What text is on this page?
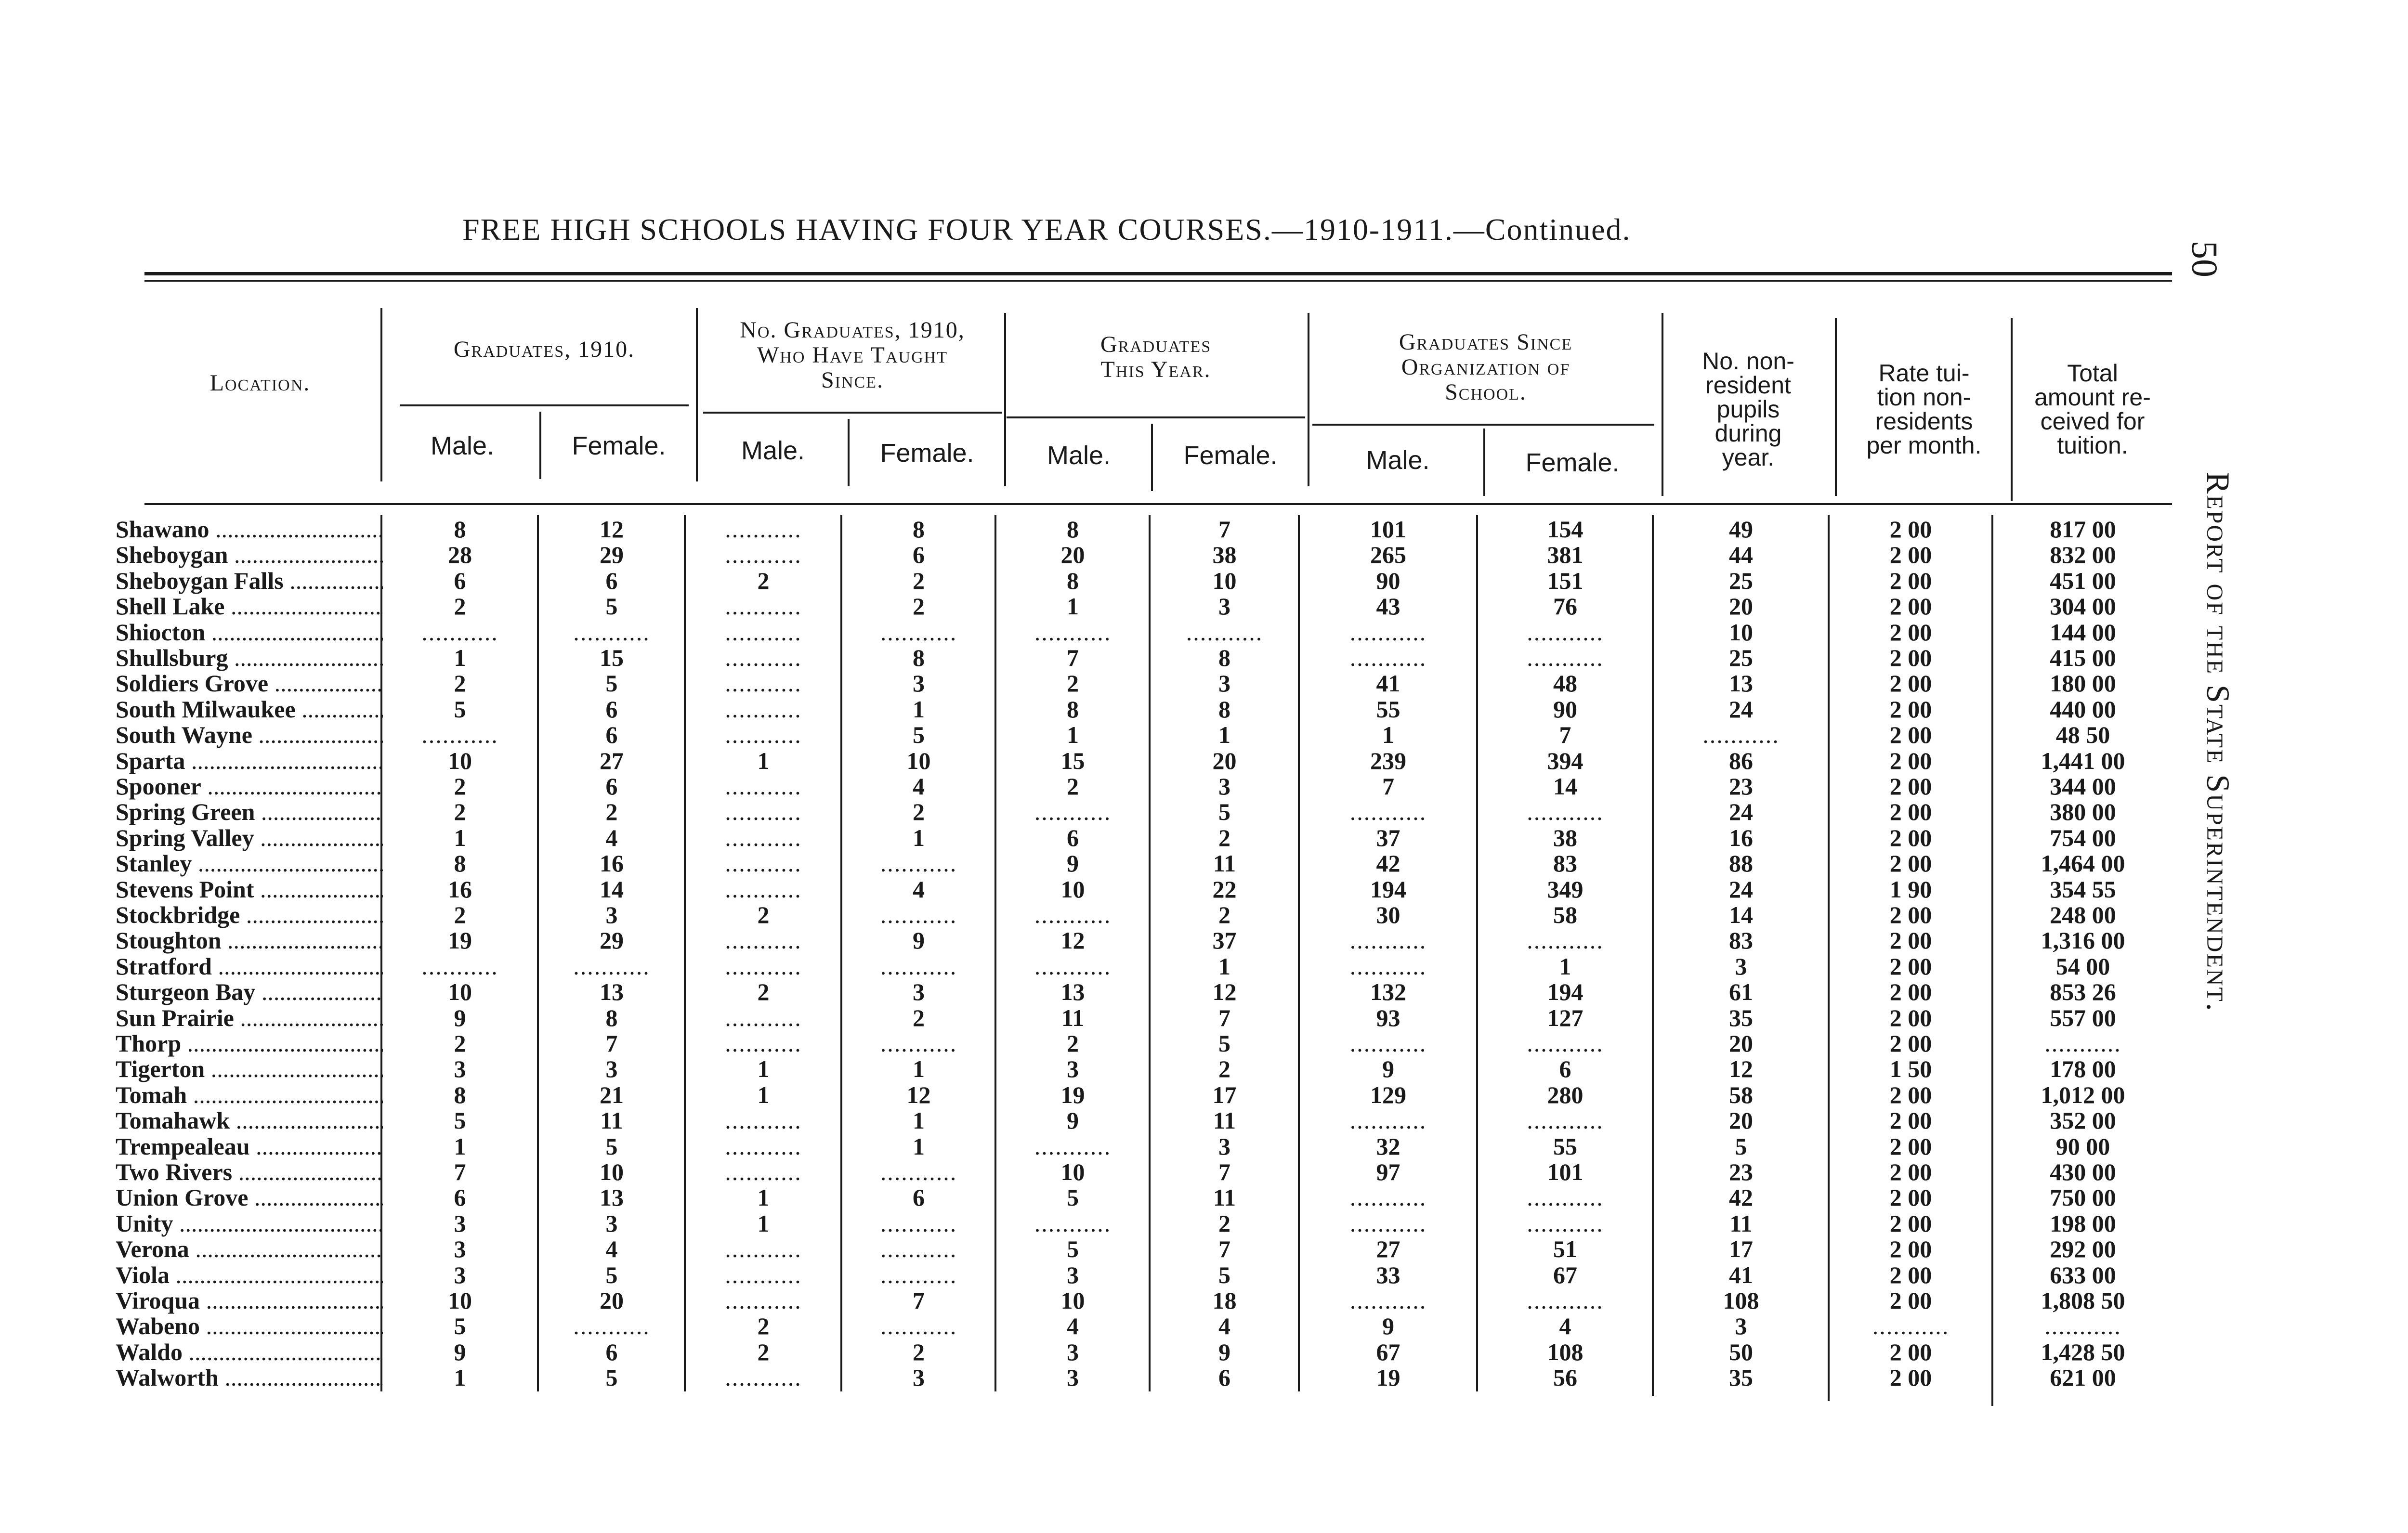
FREE HIGH SCHOOLS HAVING FOUR YEAR COURSES.—1910-1911.—Continued.
50
Report of the State Superintendent.
Location.
Graduates, 1910.
No. Graduates, 1910,
Who Have Taught
Since.
Graduates
This Year.
Graduates Since
Organization of
School.
No. non-
resident
pupils
during
year.
Rate tui-
tion non-
residents
per month.
Total
amount re-
ceived for
tuition.
Male.	Female.	Male.	Female.	Male.	Female.	Male.	Female.
Shawano .....	8	12	...........	8	8	7	101	154	49	2 00	817 00
Sheboygan .....	28	29	...........	6	20	38	265	381	44	2 00	832 00
Sheboygan Falls .....	6	6	2	2	8	10	90	151	25	2 00	451 00
Shell Lake .....	2	5	...........	2	1	3	43	76	20	2 00	304 00
Shiocton .....	...........	...........	...........	...........	...........	...........	...........	...........	10	2 00	144 00
Shullsburg .....	1	15	...........	8	7	8	...........	...........	25	2 00	415 00
Soldiers Grove .....	2	5	...........	3	2	3	41	48	13	2 00	180 00
South Milwaukee .....	5	6	...........	1	8	8	55	90	24	2 00	440 00
South Wayne .....	...........	6	...........	5	1	1	1	7	...........	2 00	48 50
Sparta .....	10	27	1	10	15	20	239	394	86	2 00	1,441 00
Spooner .....	2	6	...........	4	2	3	7	14	23	2 00	344 00
Spring Green .....	2	2	...........	2	...........	5	...........	...........	24	2 00	380 00
Spring Valley .....	1	4	...........	1	6	2	37	38	16	2 00	754 00
Stanley .....	8	16	...........	...........	9	11	42	83	88	2 00	1,464 00
Stevens Point .....	16	14	...........	4	10	22	194	349	24	1 90	354 55
Stockbridge .....	2	3	2	...........	...........	2	30	58	14	2 00	248 00
Stoughton .....	19	29	...........	9	12	37	...........	...........	83	2 00	1,316 00
Stratford .....	...........	...........	...........	...........	...........	1	...........	1	3	2 00	54 00
Sturgeon Bay .....	10	13	2	3	13	12	132	194	61	2 00	853 26
Sun Prairie .....	9	8	...........	2	11	7	93	127	35	2 00	557 00
Thorp .....	2	7	...........	...........	2	5	...........	...........	20	2 00	...........
Tigerton .....	3	3	1	1	3	2	9	6	12	1 50	178 00
Tomah .....	8	21	1	12	19	17	129	280	58	2 00	1,012 00
Tomahawk .....	5	11	...........	1	9	11	...........	...........	20	2 00	352 00
Trempealeau .....	1	5	...........	1	...........	3	32	55	5	2 00	90 00
Two Rivers .....	7	10	...........	...........	10	7	97	101	23	2 00	430 00
Union Grove .....	6	13	1	6	5	11	...........	...........	42	2 00	750 00
Unity .....	3	3	1	...........	...........	2	...........	...........	11	2 00	198 00
Verona .....	3	4	...........	...........	5	7	27	51	17	2 00	292 00
Viola .....	3	5	...........	...........	3	5	33	67	41	2 00	633 00
Viroqua .....	10	20	...........	7	10	18	...........	...........	108	2 00	1,808 50
Wabeno .....	5	...........	2	...........	4	4	9	4	3	...........	...........
Waldo .....	9	6	2	2	3	9	67	108	50	2 00	1,428 50
Walworth .....	1	5	...........	3	3	6	19	56	35	2 00	621 00
